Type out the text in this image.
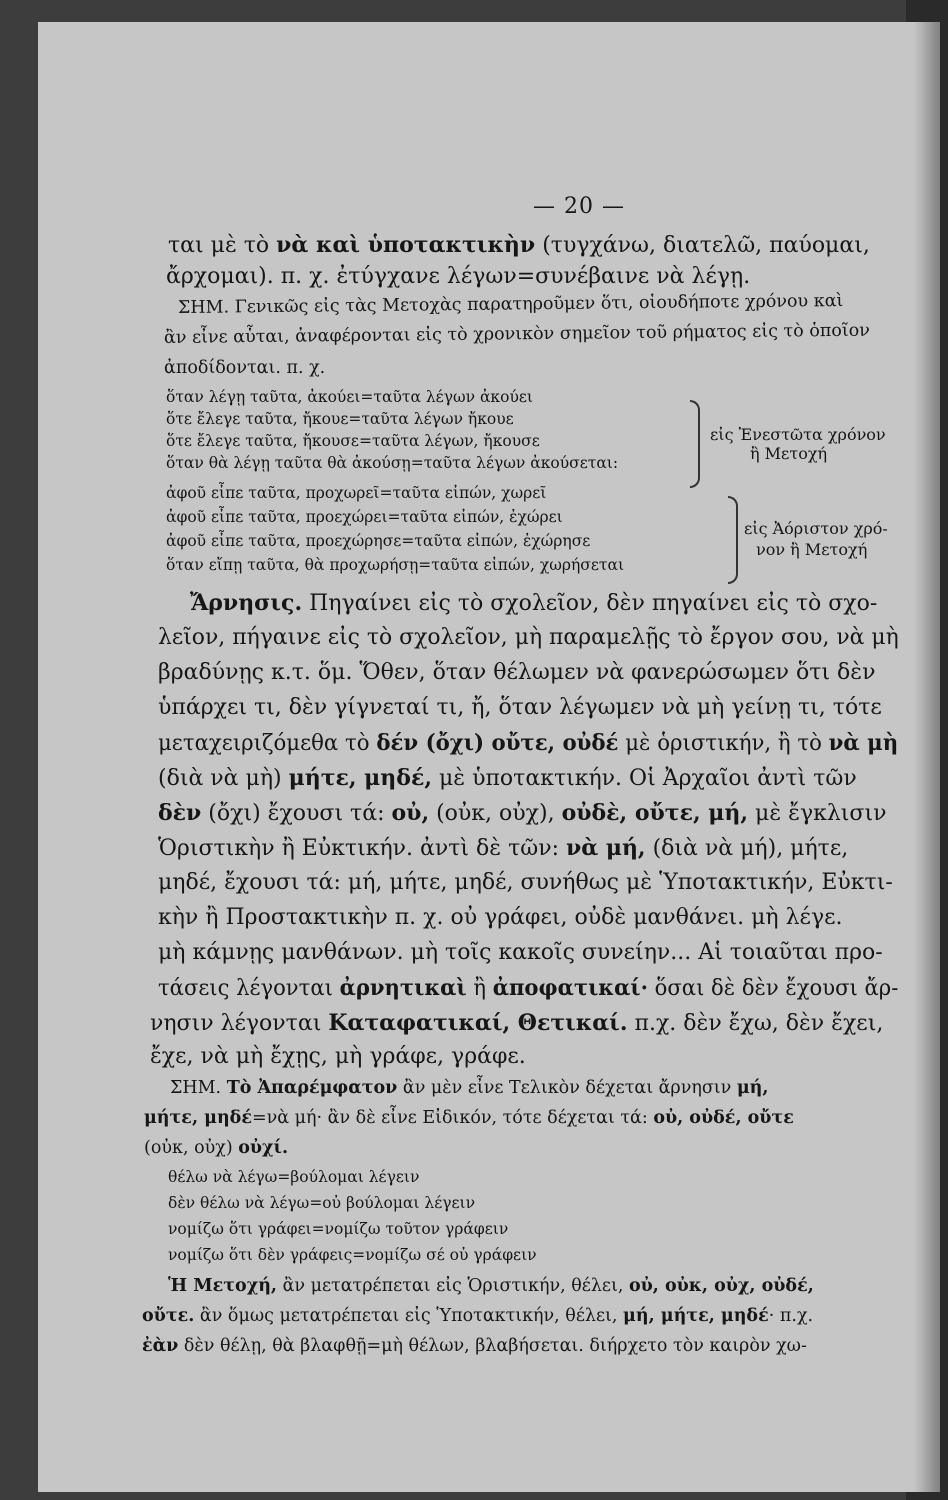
— 20 —
ται μὲ τὸ νὰ καὶ ὑποτακτικὴν (τυγχάνω, διατελῶ, παύομαι,
ἄρχομαι). π. χ. ἐτύγχανε λέγων=συνέβαινε νὰ λέγῃ.
ΣΗΜ. Γενικῶς εἰς τὰς Μετοχὰς παρατηροῦμεν ὅτι, οἱουδήποτε χρόνου καὶ
ἂν εἶνε αὗται, ἀναφέρονται εἰς τὸ χρονικὸν σημεῖον τοῦ ρήματος εἰς τὸ ὁποῖον
ἀποδίδονται. π. χ.
ὅταν λέγῃ ταῦτα, ἀκούει=ταῦτα λέγων ἀκούει
ὅτε ἔλεγε ταῦτα, ἤκουε=ταῦτα λέγων ἤκουε
ὅτε ἔλεγε ταῦτα, ἤκουσε=ταῦτα λέγων, ἤκουσε
ὅταν θὰ λέγῃ ταῦτα θὰ ἀκούσῃ=ταῦτα λέγων ἀκούσεται:
εἰς Ἐνεστῶτα χρόνον
ἢ Μετοχή
ἀφοῦ εἶπε ταῦτα, προχωρεῖ=ταῦτα εἰπών, χωρεῖ
ἀφοῦ εἶπε ταῦτα, προεχώρει=ταῦτα εἰπών, ἐχώρει
ἀφοῦ εἶπε ταῦτα, προεχώρησε=ταῦτα εἰπών, ἐχώρησε
ὅταν εἴπῃ ταῦτα, θὰ προχωρήσῃ=ταῦτα εἰπών, χωρήσεται
εἰς Ἀόριστον χρό-
νον ἢ Μετοχή
Ἄρνησις. Πηγαίνει εἰς τὸ σχολεῖον, δὲν πηγαίνει εἰς τὸ σχο-
λεῖον, πήγαινε εἰς τὸ σχολεῖον, μὴ παραμελῇς τὸ ἔργον σου, νὰ μὴ
βραδύνῃς κ.τ. ὅμ. Ὅθεν, ὅταν θέλωμεν νὰ φανερώσωμεν ὅτι δὲν
ὑπάρχει τι, δὲν γίγνεταί τι, ἤ, ὅταν λέγωμεν νὰ μὴ γείνῃ τι, τότε
μεταχειριζόμεθα τὸ δέν (ὄχι) οὔτε, οὐδέ μὲ ὁριστικήν, ἢ τὸ νὰ μὴ
(διὰ νὰ μὴ) μήτε, μηδέ, μὲ ὑποτακτικήν. Οἱ Ἀρχαῖοι ἀντὶ τῶν
δὲν (ὄχι) ἔχουσι τά: οὐ, (οὐκ, οὐχ), οὐδὲ, οὔτε, μή, μὲ ἔγκλισιν
Ὁριστικὴν ἢ Εὐκτικήν. ἀντὶ δὲ τῶν: νὰ μή, (διὰ νὰ μή), μήτε,
μηδέ, ἔχουσι τά: μή, μήτε, μηδέ, συνήθως μὲ Ὑποτακτικήν, Εὐκτι-
κὴν ἢ Προστακτικὴν π. χ. οὐ γράφει, οὐδὲ μανθάνει. μὴ λέγε.
μὴ κάμνῃς μανθάνων. μὴ τοῖς κακοῖς συνείην... Αἱ τοιαῦται προ-
τάσεις λέγονται ἀρνητικαὶ ἢ ἀποφατικαί· ὅσαι δὲ δὲν ἔχουσι ἄρ-
νησιν λέγονται Καταφατικαί, Θετικαί. π.χ. δὲν ἔχω, δὲν ἔχει,
ἔχε, νὰ μὴ ἔχῃς, μὴ γράφε, γράφε.
ΣΗΜ. Τὸ Ἀπαρέμφατον ἂν μὲν εἶνε Τελικὸν δέχεται ἄρνησιν μή,
μήτε, μηδέ=νὰ μή· ἂν δὲ εἶνε Εἰδικόν, τότε δέχεται τά: οὐ, οὐδέ, οὔτε
(οὐκ, οὐχ) οὐχί.
θέλω νὰ λέγω=βούλομαι λέγειν
δὲν θέλω νὰ λέγω=οὐ βούλομαι λέγειν
νομίζω ὅτι γράφει=νομίζω τοῦτον γράφειν
νομίζω ὅτι δὲν γράφεις=νομίζω σέ οὐ γράφειν
Ἡ Μετοχή, ἂν μετατρέπεται εἰς Ὁριστικήν, θέλει, οὐ, οὐκ, οὐχ, οὐδέ,
οὔτε. ἂν ὅμως μετατρέπεται εἰς Ὑποτακτικήν, θέλει, μή, μήτε, μηδέ· π.χ.
ἐὰν δὲν θέλῃ, θὰ βλαφθῇ=μὴ θέλων, βλαβήσεται. διήρχετο τὸν καιρὸν χω-
